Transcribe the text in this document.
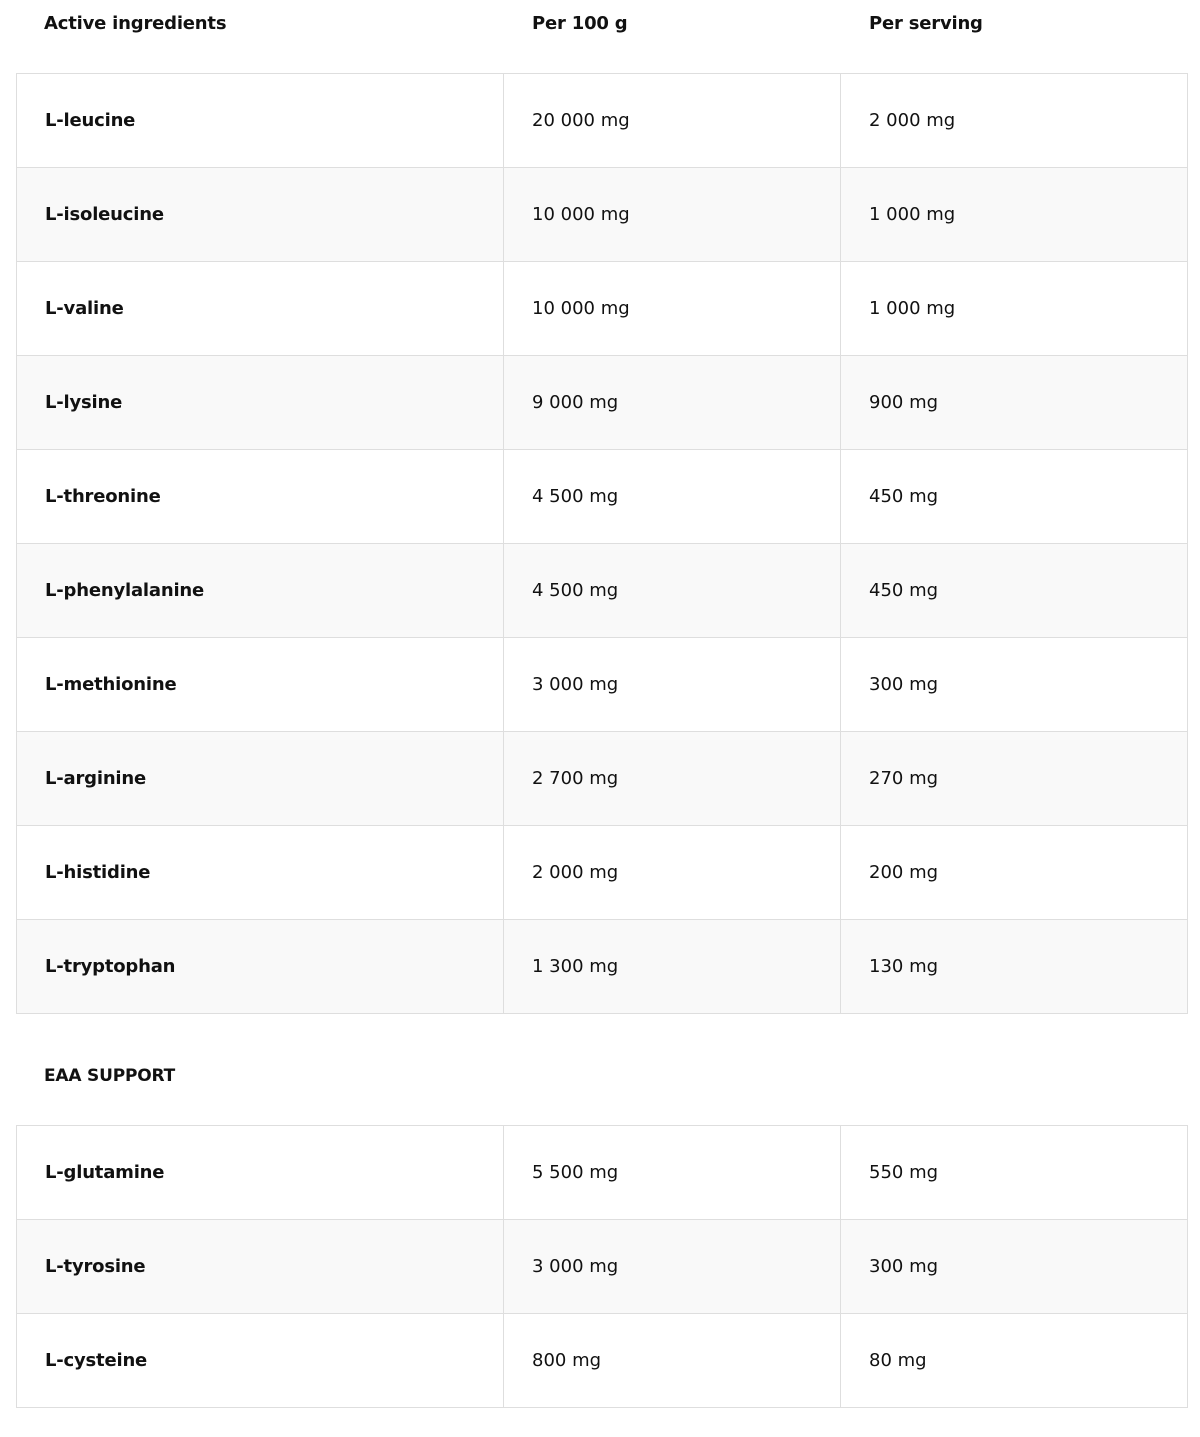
Active ingredients	Per 100 g	Per serving
L-leucine	20 000 mg	2 000 mg
L-isoleucine	10 000 mg	1 000 mg
L-valine	10 000 mg	1 000 mg
L-lysine	9 000 mg	900 mg
L-threonine	4 500 mg	450 mg
L-phenylalanine	4 500 mg	450 mg
L-methionine	3 000 mg	300 mg
L-arginine	2 700 mg	270 mg
L-histidine	2 000 mg	200 mg
L-tryptophan	1 300 mg	130 mg
EAA SUPPORT
L-glutamine	5 500 mg	550 mg
L-tyrosine	3 000 mg	300 mg
L-cysteine	800 mg	80 mg
